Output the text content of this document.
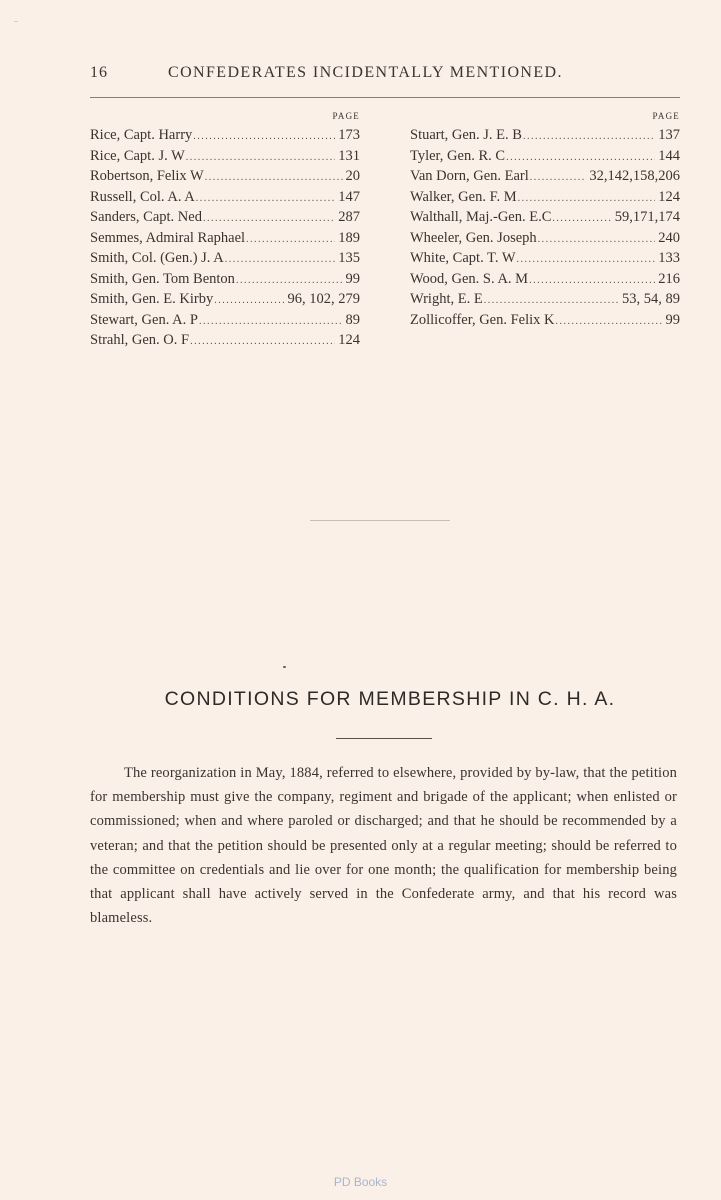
16	CONFEDERATES INCIDENTALLY MENTIONED.
PAGE
Rice, Capt. Harry .....	173
Rice, Capt. J. W .....	131
Robertson, Felix W .....	20
Russell, Col. A. A .....	147
Sanders, Capt. Ned .....	287
Semmes, Admiral Raphael .....	189
Smith, Col. (Gen.) J. A .....	135
Smith, Gen. Tom Benton .....	99
Smith, Gen. E. Kirby .....	96, 102, 279
Stewart, Gen. A. P .....	89
Strahl, Gen. O. F .....	124
PAGE
Stuart, Gen. J. E. B .....	137
Tyler, Gen. R. C .....	144
Van Dorn, Gen. Earl .....	32,142,158,206
Walker, Gen. F. M .....	124
Walthall, Maj.-Gen. E.C .....	59,171,174
Wheeler, Gen. Joseph .....	240
White, Capt. T. W .....	133
Wood, Gen. S. A. M .....	216
Wright, E. E .....	53, 54, 89
Zollicoffer, Gen. Felix K .....	99
CONDITIONS FOR MEMBERSHIP IN C. H. A.

The reorganization in May, 1884, referred to elsewhere, provided by by-law, that the petition for membership must give the company, regiment and brigade of the applicant; when enlisted or commissioned; when and where paroled or discharged; and that he should be recommended by a veteran; and that the petition should be presented only at a regular meeting; should be referred to the committee on credentials and lie over for one month; the qualification for membership being that applicant shall have actively served in the Confederate army, and that his record was blameless.

PD Books
